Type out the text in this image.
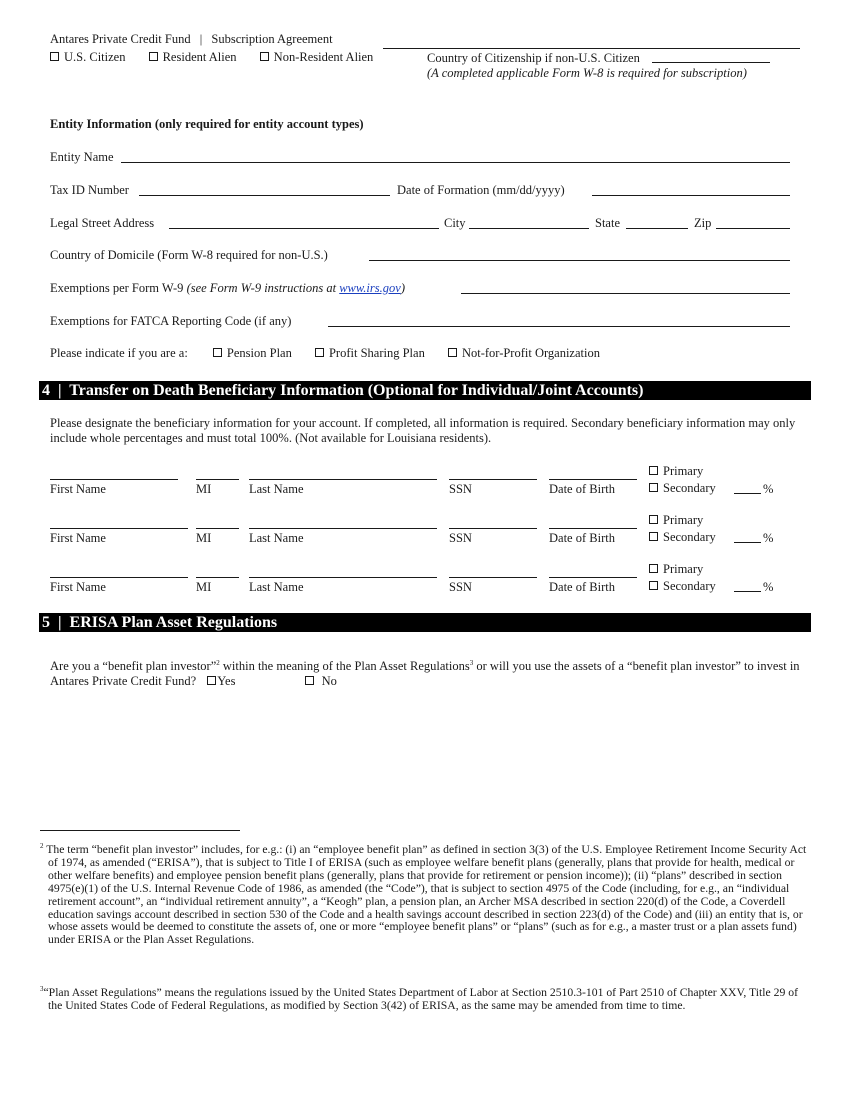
Antares Private Credit Fund | Subscription Agreement
U.S. Citizen	Resident Alien	Non-Resident Alien	Country of Citizenship if non-U.S. Citizen
(A completed applicable Form W-8 is required for subscription)
Entity Information (only required for entity account types)
Entity Name
Tax ID Number	Date of Formation (mm/dd/yyyy)
Legal Street Address	City	State	Zip
Country of Domicile (Form W-8 required for non-U.S.)
Exemptions per Form W-9 (see Form W-9 instructions at www.irs.gov)
Exemptions for FATCA Reporting Code (if any)
Please indicate if you are a:	Pension Plan	Profit Sharing Plan	Not-for-Profit Organization
4  |  Transfer on Death Beneficiary Information (Optional for Individual/Joint Accounts)
Please designate the beneficiary information for your account. If completed, all information is required. Secondary beneficiary information may only include whole percentages and must total 100%. (Not available for Louisiana residents).
First Name	MI	Last Name	SSN	Date of Birth
Primary
Secondary	%
First Name	MI	Last Name	SSN	Date of Birth
Primary
Secondary	%
First Name	MI	Last Name	SSN	Date of Birth
Primary
Secondary	%
5  |  ERISA Plan Asset Regulations
Are you a “benefit plan investor”$^2$ within the meaning of the Plan Asset Regulations$^3$ or will you use the assets of a “benefit plan investor” to invest in Antares Private Credit Fund? Yes	No
$^2$ The term “benefit plan investor” includes, for e.g.: (i) an “employee benefit plan” as defined in section 3(3) of the U.S. Employee Retirement Income Security Act of 1974, as amended (“ERISA”), that is subject to Title I of ERISA (such as employee welfare benefit plans (generally, plans that provide for health, medical or other welfare benefits) and employee pension benefit plans (generally, plans that provide for retirement or pension income)); (ii) “plans” described in section 4975(e)(1) of the U.S. Internal Revenue Code of 1986, as amended (the “Code”), that is subject to section 4975 of the Code (including, for e.g., an “individual retirement account”, an “individual retirement annuity”, a “Keogh” plan, a pension plan, an Archer MSA described in section 220(d) of the Code, a Coverdell education savings account described in section 530 of the Code and a health savings account described in section 223(d) of the Code) and (iii) an entity that is, or whose assets would be deemed to constitute the assets of, one or more “employee benefit plans” or “plans” (such as for e.g., a master trust or a plan assets fund) under ERISA or the Plan Asset Regulations.
$^3$“Plan Asset Regulations” means the regulations issued by the United States Department of Labor at Section 2510.3-101 of Part 2510 of Chapter XXV, Title 29 of the United States Code of Federal Regulations, as modified by Section 3(42) of ERISA, as the same may be amended from time to time.
